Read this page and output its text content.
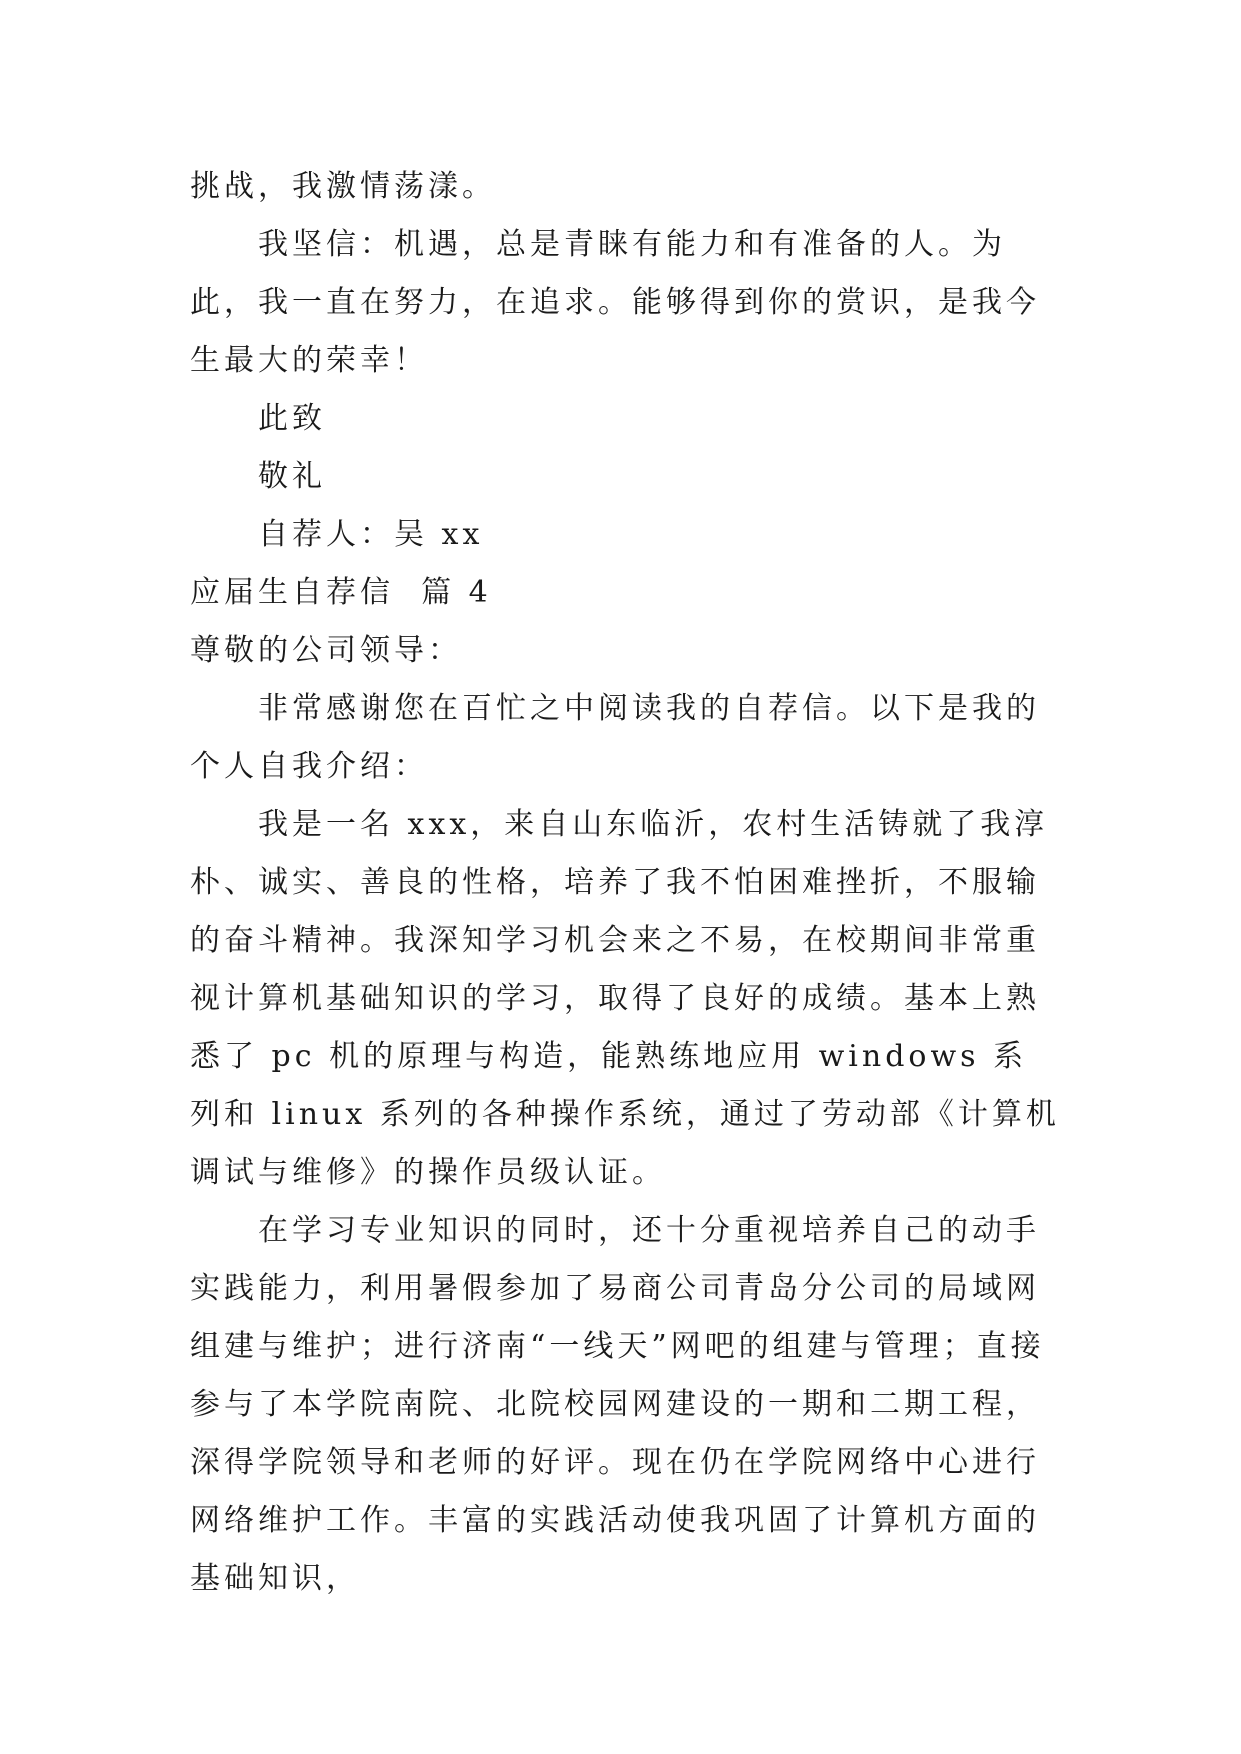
挑战，我激情荡漾。

我坚信：机遇，总是青睐有能力和有准备的人。为此，我一直在努力，在追求。能够得到你的赏识，是我今生最大的荣幸！

此致

敬礼

自荐人：吴 xx

应届生自荐信  篇 4

尊敬的公司领导：

非常感谢您在百忙之中阅读我的自荐信。以下是我的个人自我介绍：

我是一名 xxx，来自山东临沂，农村生活铸就了我淳朴、诚实、善良的性格，培养了我不怕困难挫折，不服输的奋斗精神。我深知学习机会来之不易，在校期间非常重视计算机基础知识的学习，取得了良好的成绩。基本上熟悉了 pc 机的原理与构造，能熟练地应用 windows 系列和 linux 系列的各种操作系统，通过了劳动部《计算机调试与维修》的操作员级认证。

在学习专业知识的同时，还十分重视培养自己的动手实践能力，利用暑假参加了易商公司青岛分公司的局域网组建与维护；进行济南“一线天”网吧的组建与管理；直接参与了本学院南院、北院校园网建设的一期和二期工程，深得学院领导和老师的好评。现在仍在学院网络中心进行网络维护工作。丰富的实践活动使我巩固了计算机方面的基础知识，
